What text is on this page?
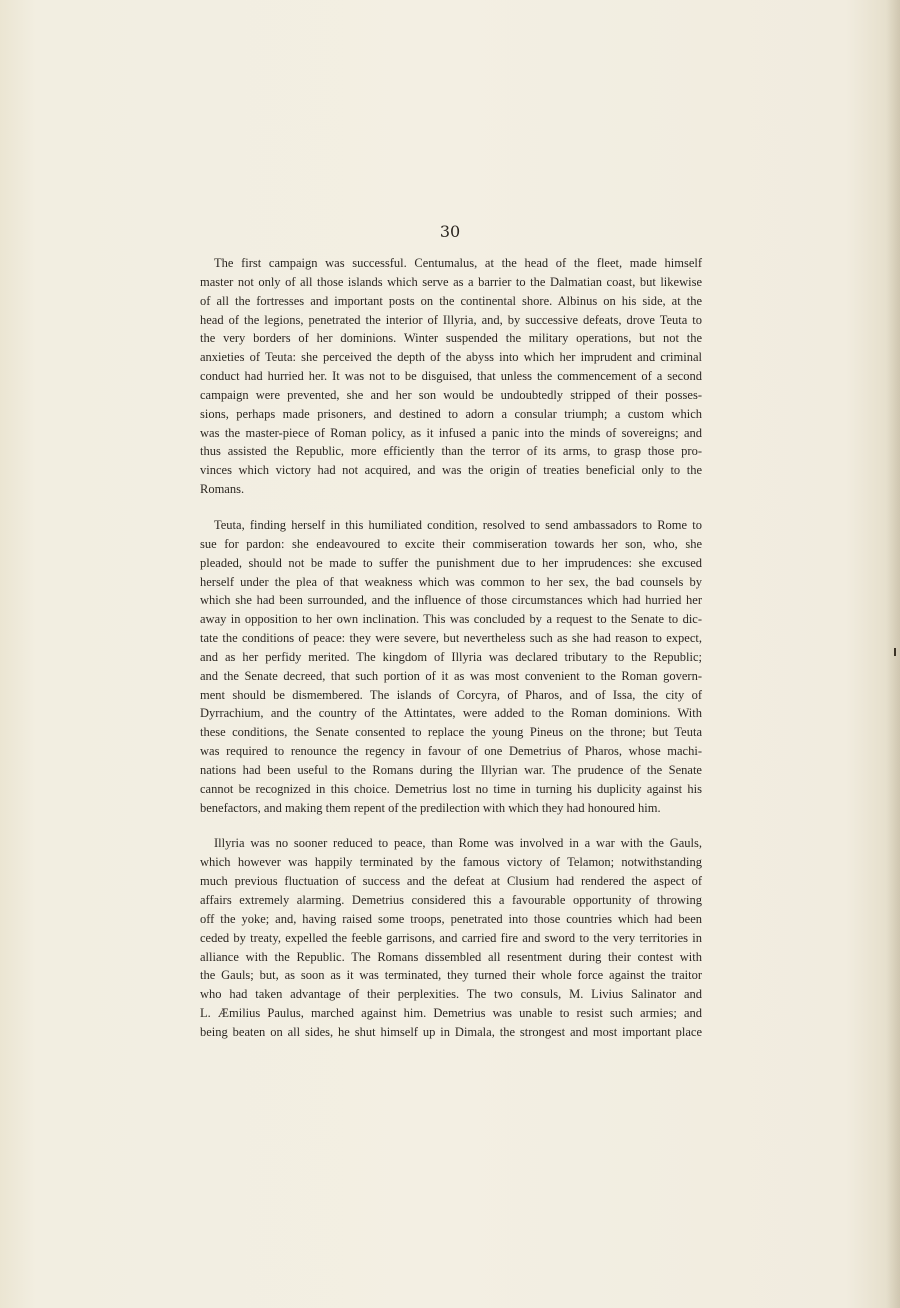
30
The first campaign was successful. Centumalus, at the head of the fleet, made himself
master not only of all those islands which serve as a barrier to the Dalmatian coast, but likewise
of all the fortresses and important posts on the continental shore. Albinus on his side, at the
head of the legions, penetrated the interior of Illyria, and, by successive defeats, drove Teuta to
the very borders of her dominions. Winter suspended the military operations, but not the
anxieties of Teuta: she perceived the depth of the abyss into which her imprudent and criminal
conduct had hurried her. It was not to be disguised, that unless the commencement of a second
campaign were prevented, she and her son would be undoubtedly stripped of their posses-
sions, perhaps made prisoners, and destined to adorn a consular triumph; a custom which
was the master-piece of Roman policy, as it infused a panic into the minds of sovereigns; and
thus assisted the Republic, more efficiently than the terror of its arms, to grasp those pro-
vinces which victory had not acquired, and was the origin of treaties beneficial only to the
Romans.
Teuta, finding herself in this humiliated condition, resolved to send ambassadors to Rome to
sue for pardon: she endeavoured to excite their commiseration towards her son, who, she
pleaded, should not be made to suffer the punishment due to her imprudences: she excused
herself under the plea of that weakness which was common to her sex, the bad counsels by
which she had been surrounded, and the influence of those circumstances which had hurried her
away in opposition to her own inclination. This was concluded by a request to the Senate to dic-
tate the conditions of peace: they were severe, but nevertheless such as she had reason to expect,
and as her perfidy merited. The kingdom of Illyria was declared tributary to the Republic;
and the Senate decreed, that such portion of it as was most convenient to the Roman govern-
ment should be dismembered. The islands of Corcyra, of Pharos, and of Issa, the city of
Dyrrachium, and the country of the Attintates, were added to the Roman dominions. With
these conditions, the Senate consented to replace the young Pineus on the throne; but Teuta
was required to renounce the regency in favour of one Demetrius of Pharos, whose machi-
nations had been useful to the Romans during the Illyrian war. The prudence of the Senate
cannot be recognized in this choice. Demetrius lost no time in turning his duplicity against his
benefactors, and making them repent of the predilection with which they had honoured him.
Illyria was no sooner reduced to peace, than Rome was involved in a war with the Gauls,
which however was happily terminated by the famous victory of Telamon; notwithstanding
much previous fluctuation of success and the defeat at Clusium had rendered the aspect of
affairs extremely alarming. Demetrius considered this a favourable opportunity of throwing
off the yoke; and, having raised some troops, penetrated into those countries which had been
ceded by treaty, expelled the feeble garrisons, and carried fire and sword to the very territories in
alliance with the Republic. The Romans dissembled all resentment during their contest with
the Gauls; but, as soon as it was terminated, they turned their whole force against the traitor
who had taken advantage of their perplexities. The two consuls, M. Livius Salinator and
L. Æmilius Paulus, marched against him. Demetrius was unable to resist such armies; and
being beaten on all sides, he shut himself up in Dimala, the strongest and most important place
